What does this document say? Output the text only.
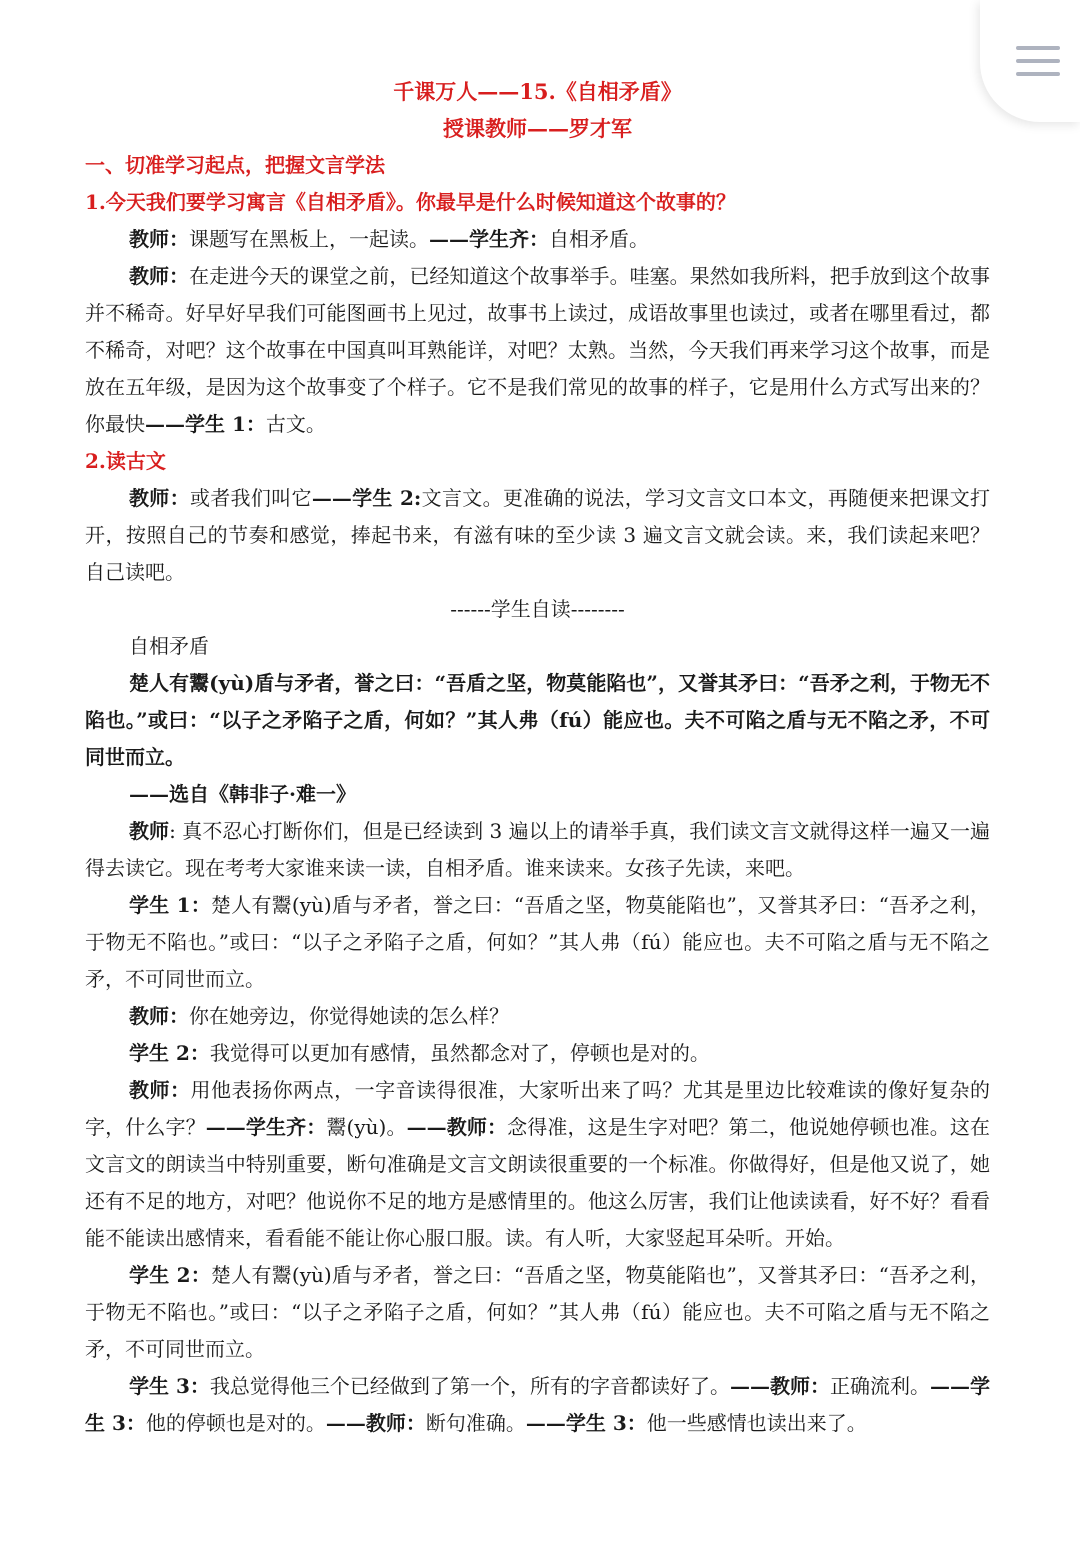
千课万人——15.《自相矛盾》
授课教师——罗才军
一、切准学习起点，把握文言学法
1.今天我们要学习寓言《自相矛盾》。你最早是什么时候知道这个故事的？

教师：课题写在黑板上，一起读。——学生齐：自相矛盾。

教师：在走进今天的课堂之前，已经知道这个故事举手。哇塞。果然如我所料，把手放到这个故事并不稀奇。好早好早我们可能图画书上见过，故事书上读过，成语故事里也读过，或者在哪里看过，都不稀奇，对吧？这个故事在中国真叫耳熟能详，对吧？太熟。当然，今天我们再来学习这个故事，而是放在五年级，是因为这个故事变了个样子。它不是我们常见的故事的样子，它是用什么方式写出来的？你最快——学生 1：古文。

2.读古文

教师：或者我们叫它——学生 2:文言文。更准确的说法，学习文言文口本文，再随便来把课文打开，按照自己的节奏和感觉，捧起书来，有滋有味的至少读 3 遍文言文就会读。来，我们读起来吧？自己读吧。

------学生自读--------

自相矛盾

楚人有鬻(yù)盾与矛者，誉之曰：“吾盾之坚，物莫能陷也”，又誉其矛曰：“吾矛之利，于物无不陷也。”或曰：“以子之矛陷子之盾，何如？”其人弗（fú）能应也。夫不可陷之盾与无不陷之矛，不可同世而立。

——选自《韩非子·难一》

教师: 真不忍心打断你们，但是已经读到 3 遍以上的请举手真，我们读文言文就得这样一遍又一遍得去读它。现在考考大家谁来读一读，自相矛盾。谁来读来。女孩子先读，来吧。

学生 1：楚人有鬻(yù)盾与矛者，誉之曰：“吾盾之坚，物莫能陷也”，又誉其矛曰：“吾矛之利，于物无不陷也。”或曰：“以子之矛陷子之盾，何如？”其人弗（fú）能应也。夫不可陷之盾与无不陷之矛，不可同世而立。

教师：你在她旁边，你觉得她读的怎么样？

学生 2：我觉得可以更加有感情，虽然都念对了，停顿也是对的。

教师：用他表扬你两点，一字音读得很准，大家听出来了吗？尤其是里边比较难读的像好复杂的字，什么字？——学生齐：鬻(yù)。——教师：念得准，这是生字对吧？第二，他说她停顿也准。这在文言文的朗读当中特别重要，断句准确是文言文朗读很重要的一个标准。你做得好，但是他又说了，她还有不足的地方，对吧？他说你不足的地方是感情里的。他这么厉害，我们让他读读看，好不好？看看能不能读出感情来，看看能不能让你心服口服。读。有人听，大家竖起耳朵听。开始。

学生 2：楚人有鬻(yù)盾与矛者，誉之曰：“吾盾之坚，物莫能陷也”，又誉其矛曰：“吾矛之利，于物无不陷也。”或曰：“以子之矛陷子之盾，何如？”其人弗（fú）能应也。夫不可陷之盾与无不陷之矛，不可同世而立。

学生 3：我总觉得他三个已经做到了第一个，所有的字音都读好了。——教师：正确流利。——学生 3：他的停顿也是对的。——教师：断句准确。——学生 3：他一些感情也读出来了。
